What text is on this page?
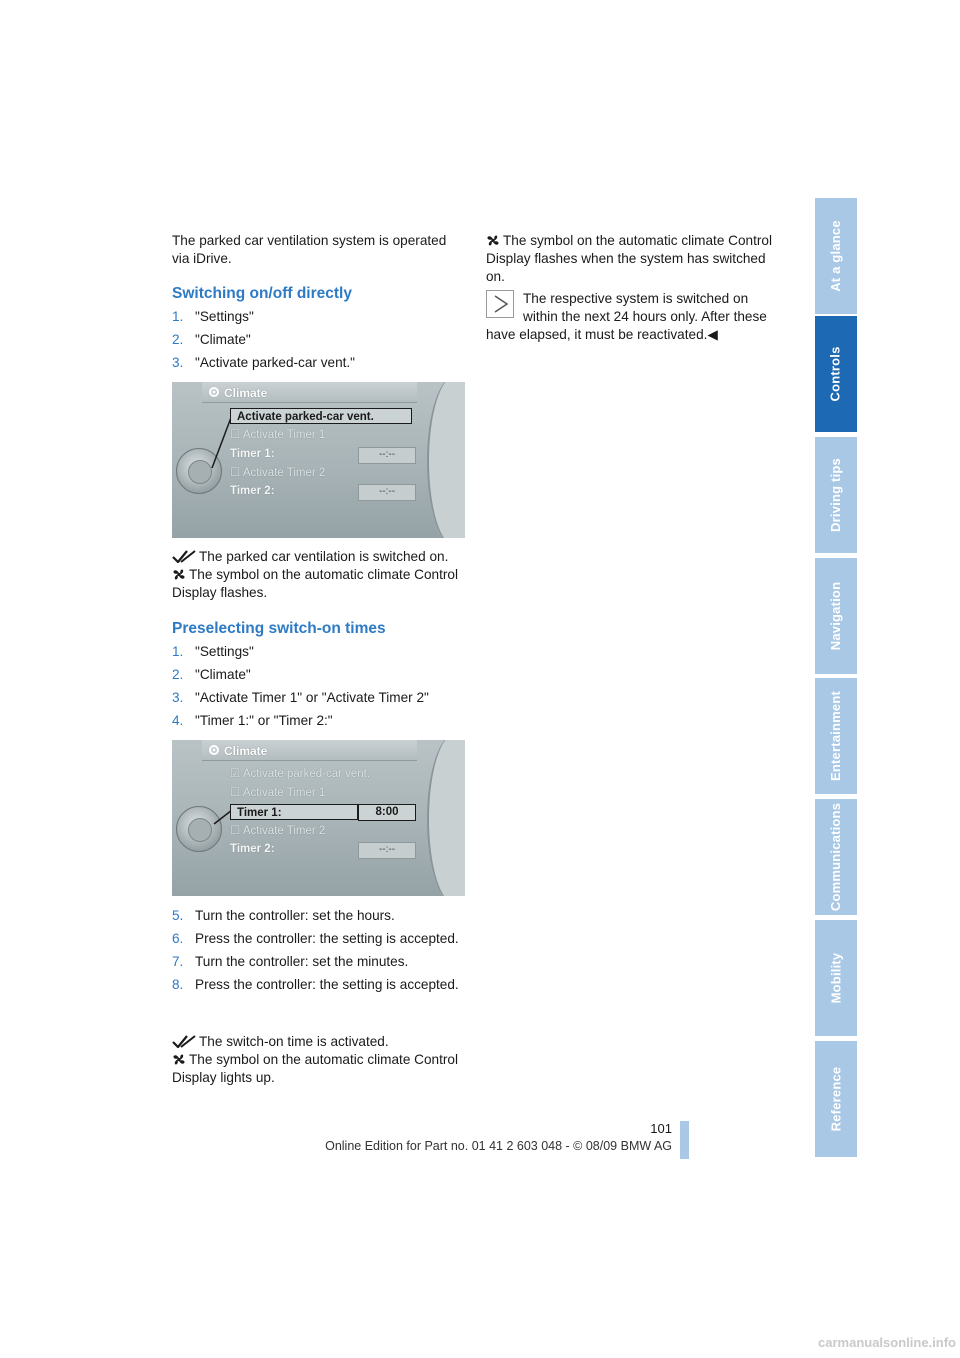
At a glance
Controls
Driving tips
Navigation
Entertainment
Communications
Mobility
Reference

The parked car ventilation system is operated via iDrive.

Switching on/off directly
1. "Settings"
2. "Climate"
3. "Activate parked-car vent."
Climate
Activate parked-car vent.
☐ Activate Timer 1
Timer 1:	--:--
☐ Activate Timer 2
Timer 2:	--:--

The parked car ventilation is switched on.

The symbol on the automatic climate Control Display flashes.

Preselecting switch-on times
1. "Settings"
2. "Climate"
3. "Activate Timer 1" or "Activate Timer 2"
4. "Timer 1:" or "Timer 2:"
Climate
☑ Activate parked-car vent.
☐ Activate Timer 1
Timer 1:	8:00
☐ Activate Timer 2
Timer 2:	--:--
5. Turn the controller: set the hours.
6. Press the controller: the setting is accepted.
7. Turn the controller: set the minutes.
8. Press the controller: the setting is accepted.

The switch-on time is activated.

The symbol on the automatic climate Control Display lights up.

The symbol on the automatic climate Control Display flashes when the system has switched on.

The respective system is switched on

within the next 24 hours only. After these

have elapsed, it must be reactivated.◀

101
Online Edition for Part no. 01 41 2 603 048 - © 08/09 BMW AG
carmanualsonline.info
